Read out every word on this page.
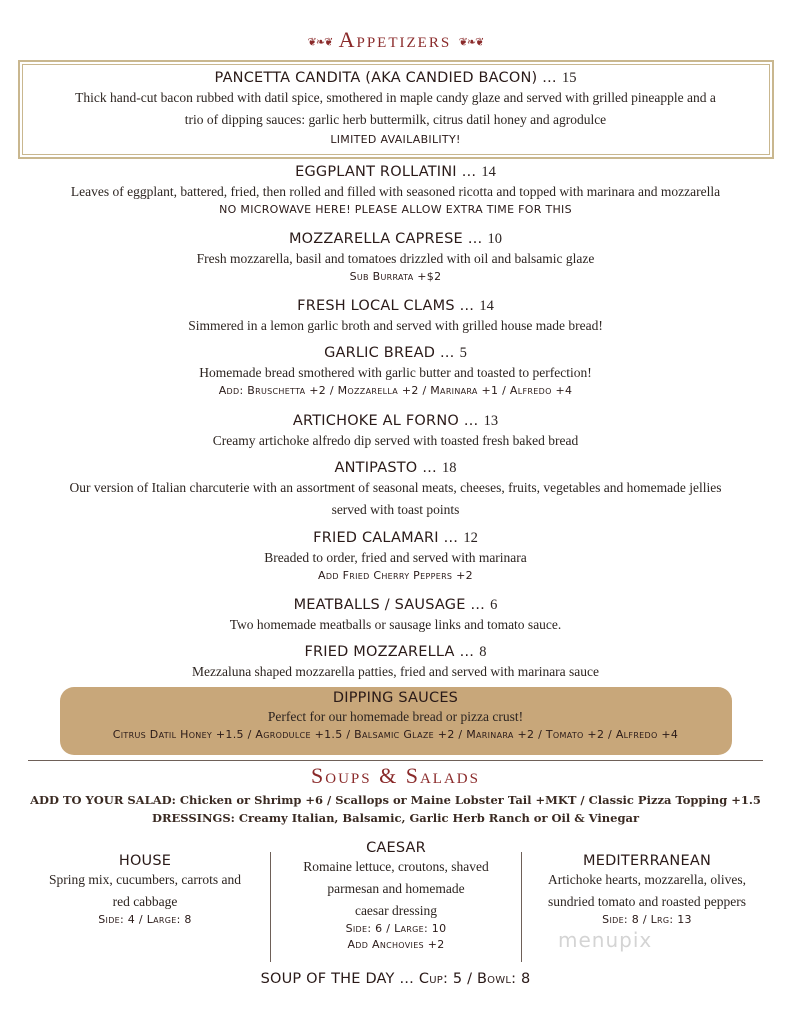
❦❧❦ Appetizers ❦❧❦
PANCETTA CANDITA (AKA CANDIED BACON) … 15
Thick hand-cut bacon rubbed with datil spice, smothered in maple candy glaze and served with grilled pineapple and a
trio of dipping sauces: garlic herb buttermilk, citrus datil honey and agrodulce
LIMITED AVAILABILITY!
EGGPLANT ROLLATINI … 14
Leaves of eggplant, battered, fried, then rolled and filled with seasoned ricotta and topped with marinara and mozzarella
NO MICROWAVE HERE! PLEASE ALLOW EXTRA TIME FOR THIS
MOZZARELLA CAPRESE … 10
Fresh mozzarella, basil and tomatoes drizzled with oil and balsamic glaze
Sub Burrata +$2
FRESH LOCAL CLAMS … 14
Simmered in a lemon garlic broth and served with grilled house made bread!
GARLIC BREAD … 5
Homemade bread smothered with garlic butter and toasted to perfection!
Add: Bruschetta +2 / Mozzarella +2 / Marinara +1 / Alfredo +4
ARTICHOKE AL FORNO … 13
Creamy artichoke alfredo dip served with toasted fresh baked bread
ANTIPASTO … 18
Our version of Italian charcuterie with an assortment of seasonal meats, cheeses, fruits, vegetables and homemade jellies
served with toast points
FRIED CALAMARI … 12
Breaded to order, fried and served with marinara
Add Fried Cherry Peppers +2
MEATBALLS / SAUSAGE … 6
Two homemade meatballs or sausage links and tomato sauce.
FRIED MOZZARELLA … 8
Mezzaluna shaped mozzarella patties, fried and served with marinara sauce
DIPPING SAUCES
Perfect for our homemade bread or pizza crust!
Citrus Datil Honey +1.5 / Agrodulce +1.5 / Balsamic Glaze +2 / Marinara +2 / Tomato +2 / Alfredo +4
Soups & Salads
ADD TO YOUR SALAD: Chicken or Shrimp +6 / Scallops or Maine Lobster Tail +MKT / Classic Pizza Topping +1.5
DRESSINGS: Creamy Italian, Balsamic, Garlic Herb Ranch or Oil & Vinegar
HOUSE
Spring mix, cucumbers, carrots and
red cabbage
Side: 4 / Large: 8
CAESAR
Romaine lettuce, croutons, shaved
parmesan and homemade
caesar dressing
Side: 6 / Large: 10
Add Anchovies +2
MEDITERRANEAN
Artichoke hearts, mozzarella, olives,
sundried tomato and roasted peppers
Side: 8 / Lrg: 13
menupix
SOUP OF THE DAY … Cup: 5 / Bowl: 8
